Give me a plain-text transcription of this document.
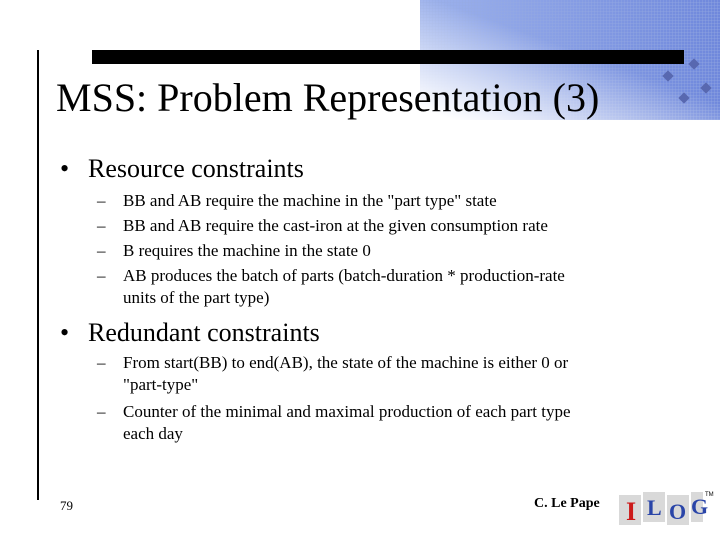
MSS: Problem Representation (3)
• Resource constraints
– BB and AB require the machine in the "part type" state
– BB and AB require the cast-iron at the given consumption rate
– B requires the machine in the state 0
– AB produces the batch of parts (batch-duration * production-rate
units of the part type)
• Redundant constraints
– From start(BB) to end(AB), the state of the machine is either 0 or
"part-type"
– Counter of the minimal and maximal production of each part type
each day
79	C. Le Pape I L O G
TM
